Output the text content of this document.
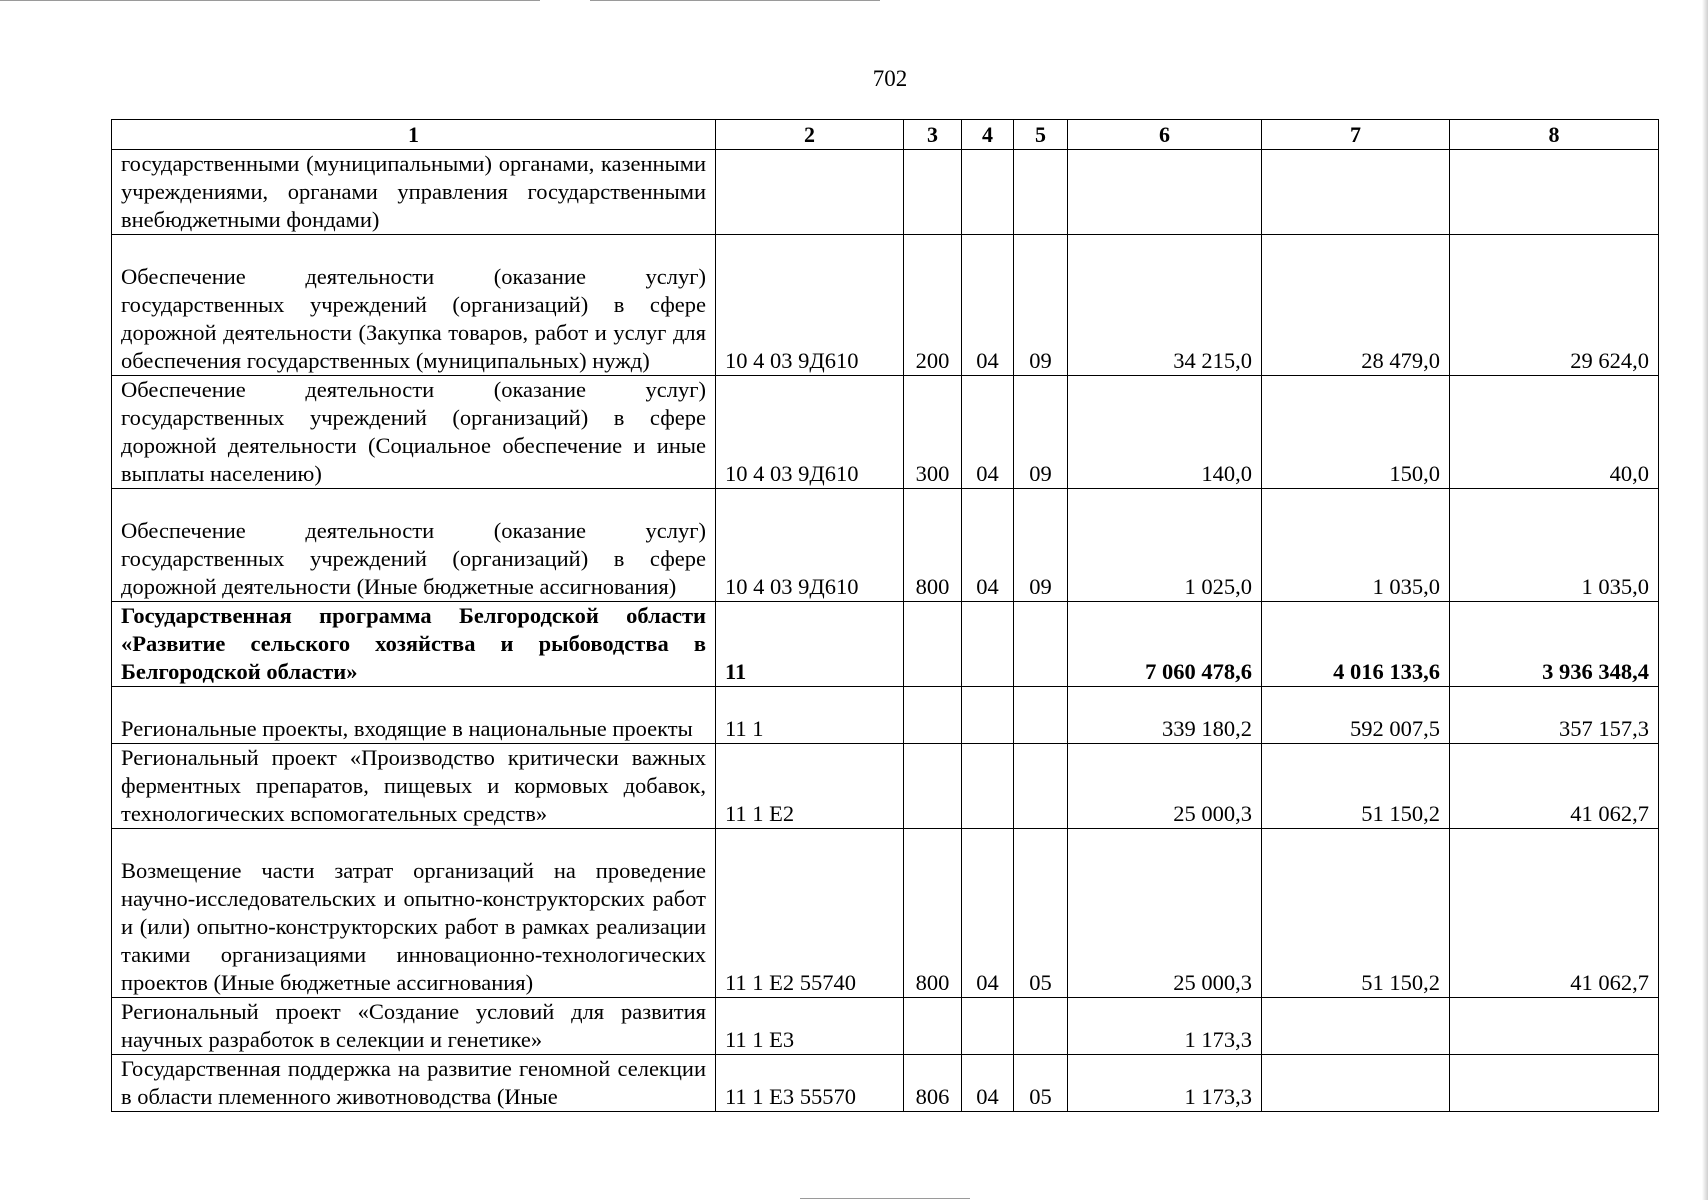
702
1	2	3	4	5	6	7	8
государственными (муниципальными) органами, казенными учреждениями, органами управления государственными внебюджетными фондами)							
Обеспечение деятельности (оказание услуг) государственных учреждений (организаций) в сфере дорожной деятельности (Закупка товаров, работ и услуг для обеспечения государственных (муниципальных) нужд)	10 4 03 9Д610	200	04	09	34 215,0	28 479,0	29 624,0
Обеспечение деятельности (оказание услуг) государственных учреждений (организаций) в сфере дорожной деятельности (Социальное обеспечение и иные выплаты населению)	10 4 03 9Д610	300	04	09	140,0	150,0	40,0
Обеспечение деятельности (оказание услуг) государственных учреждений (организаций) в сфере дорожной деятельности (Иные бюджетные ассигнования)	10 4 03 9Д610	800	04	09	1 025,0	1 035,0	1 035,0
Государственная программа Белгородской области «Развитие сельского хозяйства и рыбоводства в Белгородской области»	11				7 060 478,6	4 016 133,6	3 936 348,4
Региональные проекты, входящие в национальные проекты	11 1				339 180,2	592 007,5	357 157,3
Региональный проект «Производство критически важных ферментных препаратов, пищевых и кормовых добавок, технологических вспомогательных средств»	11 1 Е2				25 000,3	51 150,2	41 062,7
Возмещение части затрат организаций на проведение научно-исследовательских и опытно-конструкторских работ и (или) опытно-конструкторских работ в рамках реализации такими организациями инновационно-технологических проектов (Иные бюджетные ассигнования)	11 1 Е2 55740	800	04	05	25 000,3	51 150,2	41 062,7
Региональный проект «Создание условий для развития научных разработок в селекции и генетике»	11 1 Е3				1 173,3		
Государственная поддержка на развитие геномной селекции в области племенного животноводства (Иные	11 1 Е3 55570	806	04	05	1 173,3		
